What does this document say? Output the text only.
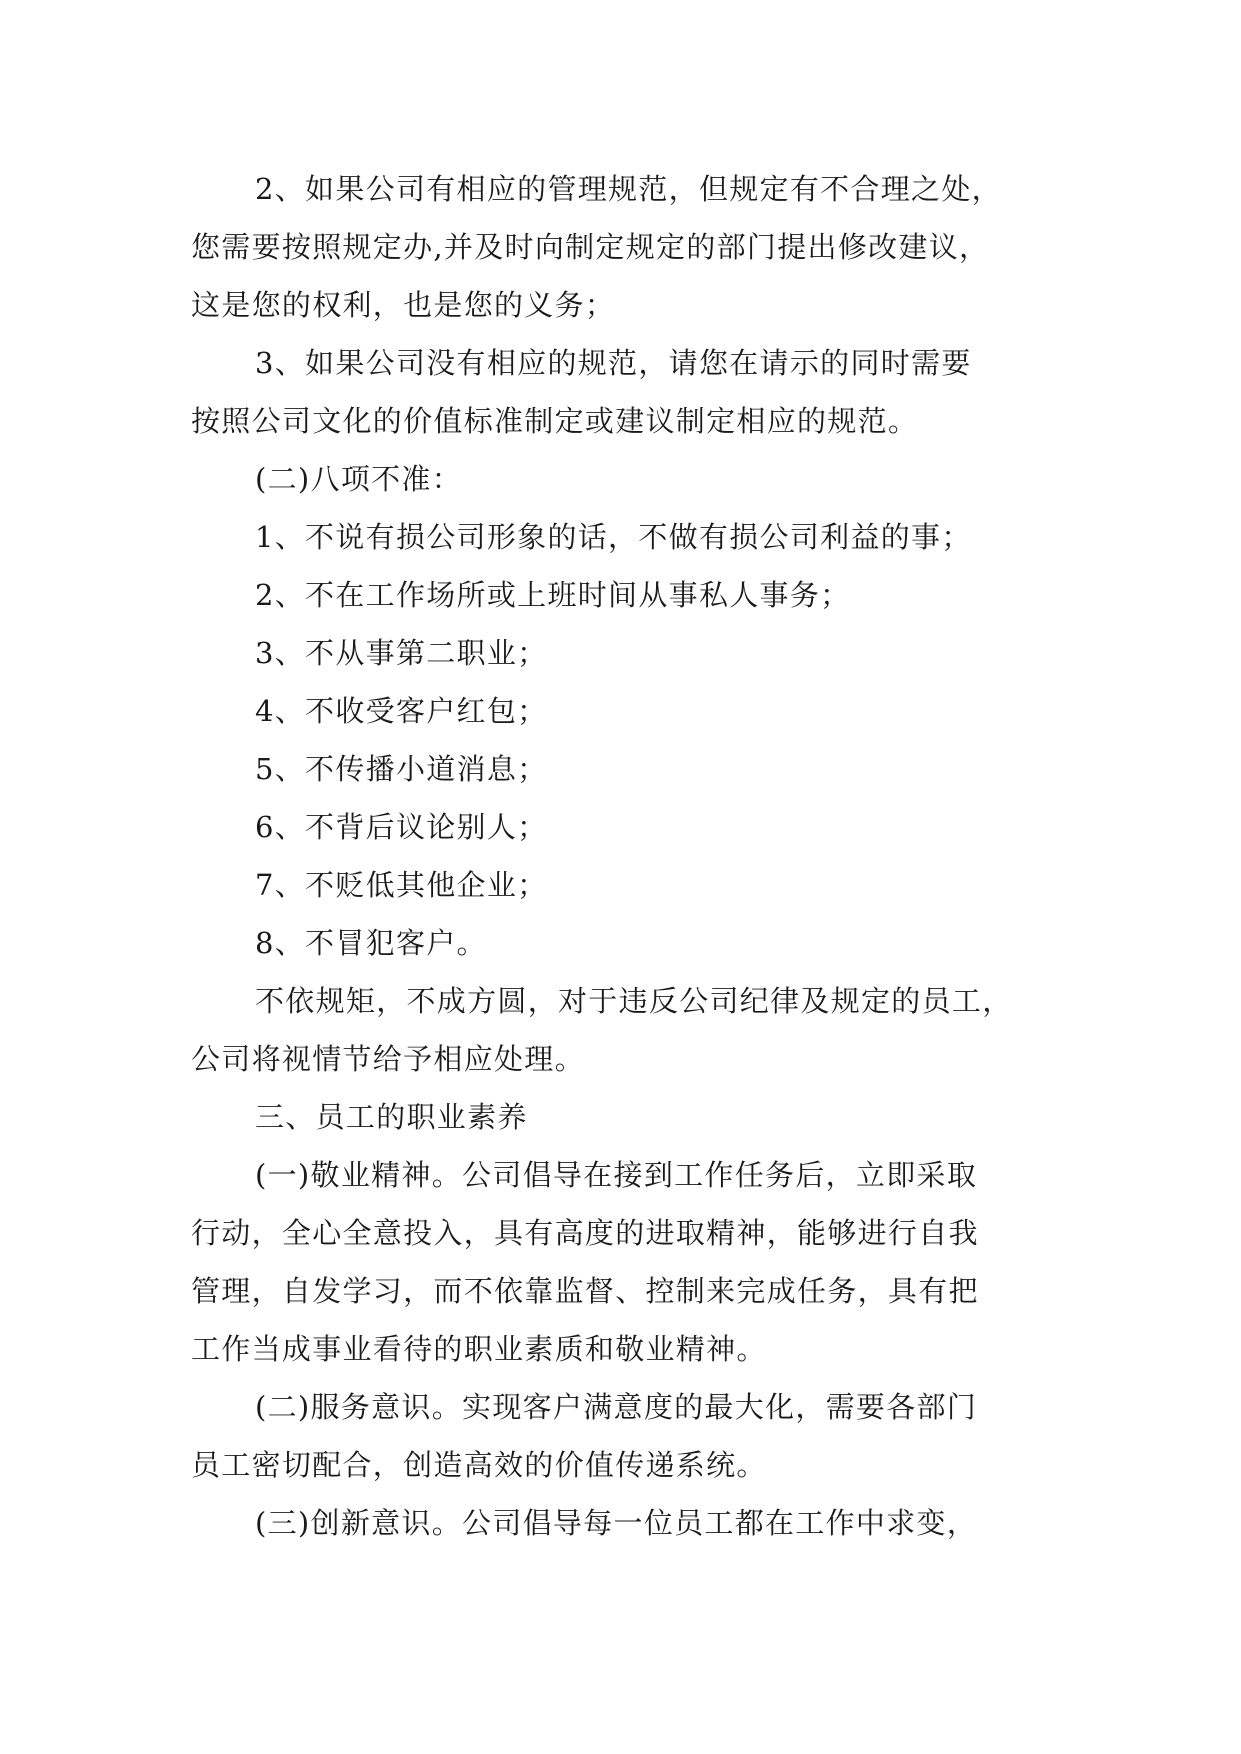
2、如果公司有相应的管理规范，但规定有不合理之处，

您需要按照规定办,并及时向制定规定的部门提出修改建议，

这是您的权利，也是您的义务；

3、如果公司没有相应的规范，请您在请示的同时需要

按照公司文化的价值标准制定或建议制定相应的规范。

(二)八项不准：

1、不说有损公司形象的话，不做有损公司利益的事；

2、不在工作场所或上班时间从事私人事务；

3、不从事第二职业；

4、不收受客户红包；

5、不传播小道消息；

6、不背后议论别人；

7、不贬低其他企业；

8、不冒犯客户。

不依规矩，不成方圆，对于违反公司纪律及规定的员工，

公司将视情节给予相应处理。

三、员工的职业素养

(一)敬业精神。公司倡导在接到工作任务后，立即采取

行动，全心全意投入，具有高度的进取精神，能够进行自我

管理，自发学习，而不依靠监督、控制来完成任务，具有把

工作当成事业看待的职业素质和敬业精神。

(二)服务意识。实现客户满意度的最大化，需要各部门

员工密切配合，创造高效的价值传递系统。

(三)创新意识。公司倡导每一位员工都在工作中求变，
